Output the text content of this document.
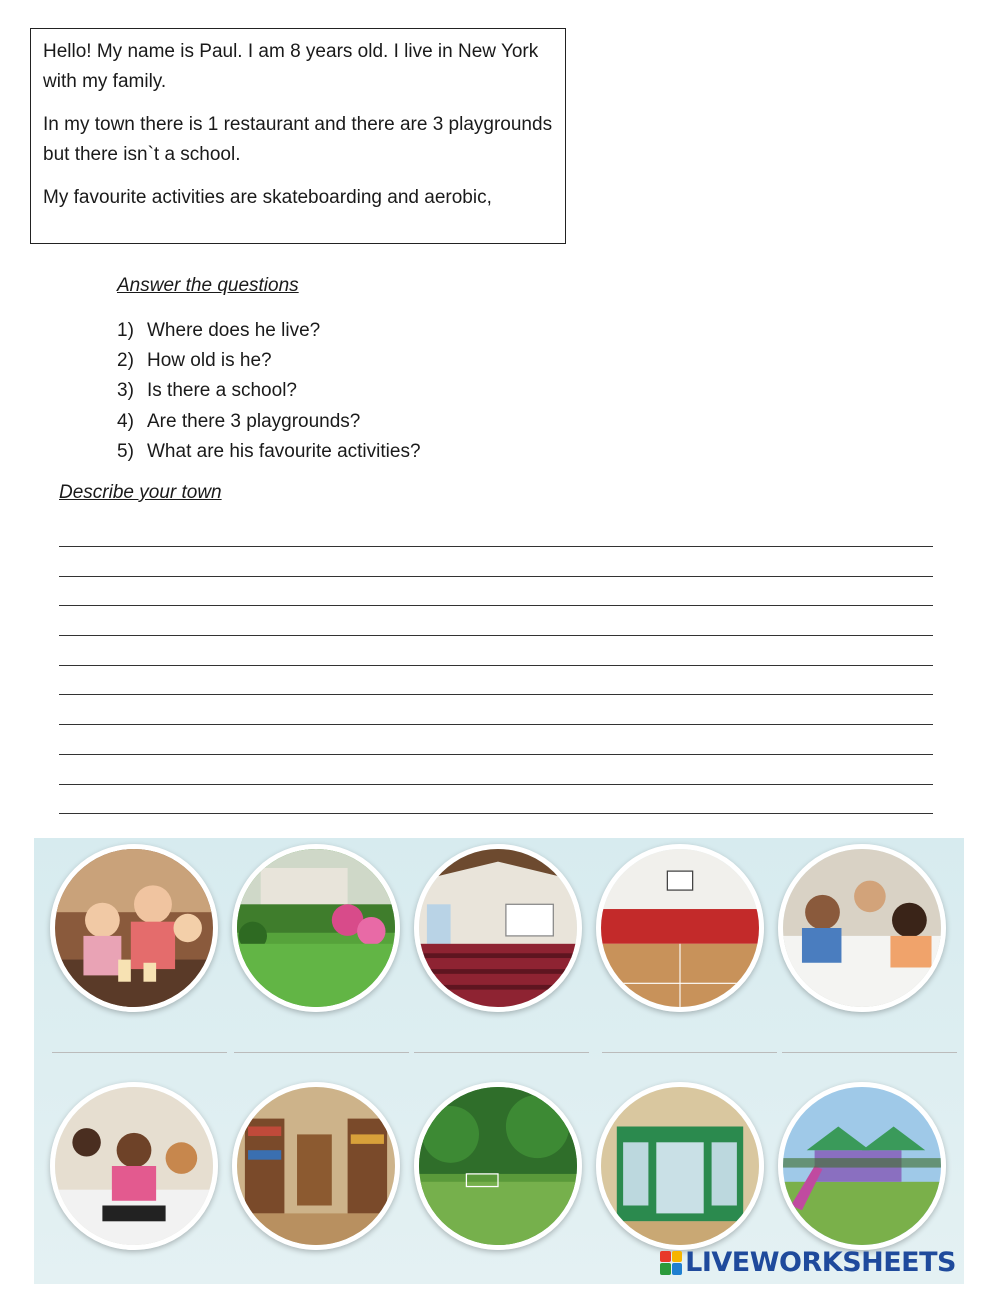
Hello! My name is Paul. I am 8 years old. I live in New York with my family.

In my town there is 1 restaurant and there are 3 playgrounds but there isn`t a school.

My favourite activities are skateboarding and aerobic,

Answer the questions
1) Where does he live?
2) How old is he?
3) Is there a school?
4) Are there 3 playgrounds?
5) What are his favourite activities?
Describe your town
LIVEWORKSHEETS
